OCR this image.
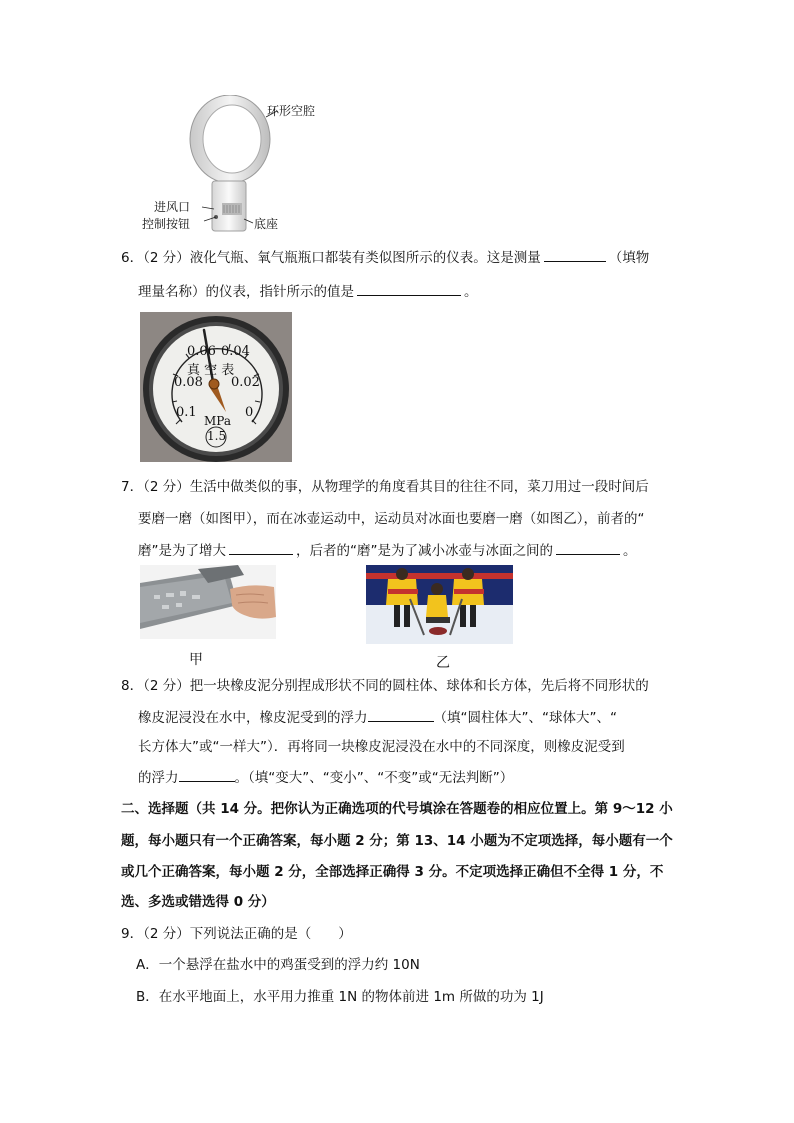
环形空腔
进风口
控制按钮	底座
6．（2 分）液化气瓶、氧气瓶瓶口都装有类似图所示的仪表。这是测量	（填物
理量名称）的仪表，指针所示的值是	。
0.06 0.04
真 空 表
0.08 0.02
0.1	0
MPa
1.5
7．（2 分）生活中做类似的事，从物理学的角度看其目的往往不同，菜刀用过一段时间后
要磨一磨（如图甲），而在冰壶运动中，运动员对冰面也要磨一磨（如图乙），前者的“
磨”是为了增大	，后者的“磨”是为了减小冰壶与冰面之间的	。
甲	乙
8．（2 分）把一块橡皮泥分别捏成形状不同的圆柱体、球体和长方体，先后将不同形状的
橡皮泥浸没在水中，橡皮泥受到的浮力	（填“圆柱体大”、“球体大”、“
长方体大”或“一样大”）．再将同一块橡皮泥浸没在水中的不同深度，则橡皮泥受到
的浮力	。（填“变大”、“变小”、“不变”或“无法判断”）
二、选择题（共 14 分。把你认为正确选项的代号填涂在答题卷的相应位置上。第 9～12 小
题，每小题只有一个正确答案，每小题 2 分；第 13、14 小题为不定项选择，每小题有一个
或几个正确答案，每小题 2 分，全部选择正确得 3 分。不定项选择正确但不全得 1 分，不
选、多选或错选得 0 分）
9．（2 分）下列说法正确的是（　　）
A．一个悬浮在盐水中的鸡蛋受到的浮力约 10N
B．在水平地面上，水平用力推重 1N 的物体前进 1m 所做的功为 1J
